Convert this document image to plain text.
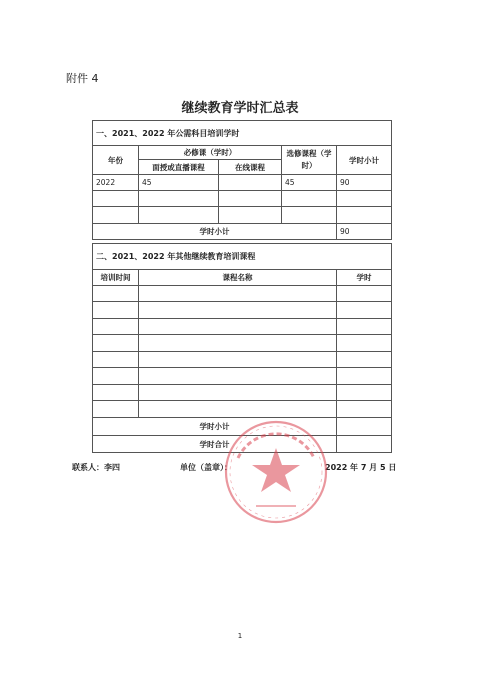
附件 4
继续教育学时汇总表
一、2021、2022 年公需科目培训学时				
年份	必修课（学时）		选修课程（学时）	学时小计
	面授或直播课程	在线课程		
2022	45		45	90

学时小计				90
二、2021、2022 年其他继续教育培训课程		
培训时间	课程名称	学时

学时小计		
学时合计		
联系人：李四	单位（盖章）：	2022 年 7 月 5 日
1
